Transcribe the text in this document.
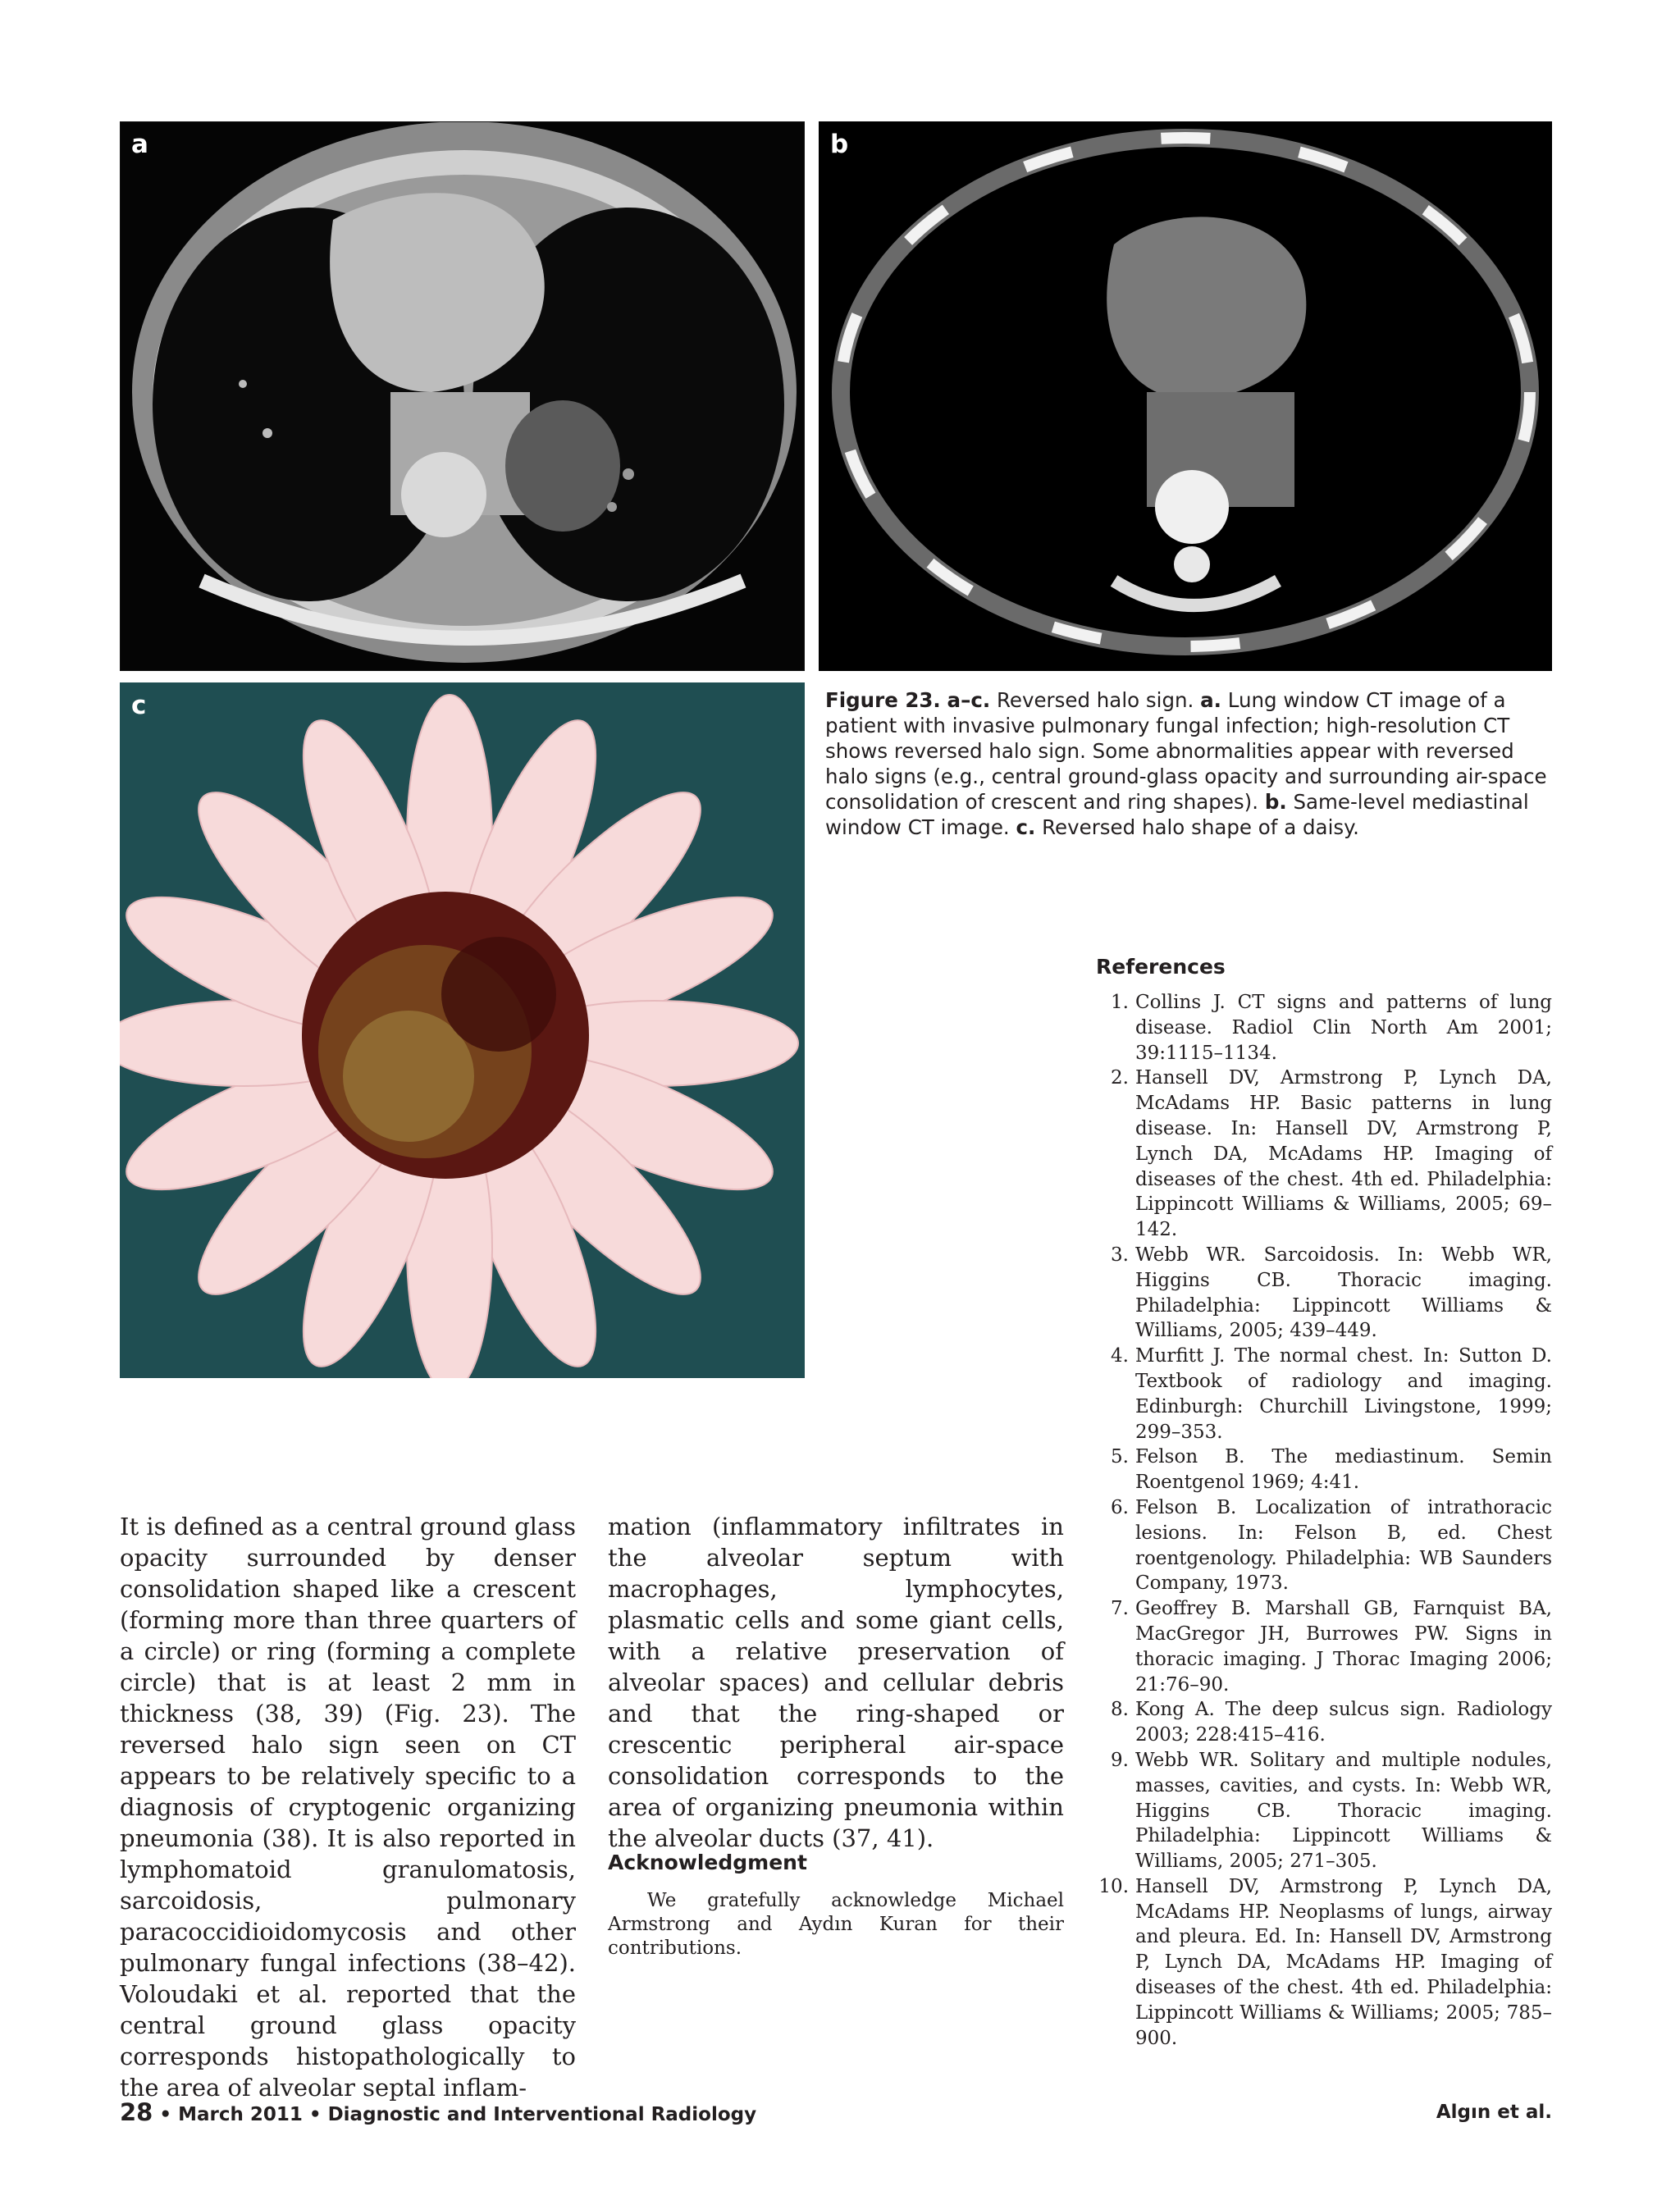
a	b
c	Figure 23. a–c. Reversed halo sign. a. Lung window CT image of a patient with invasive pulmonary fungal infection; high-resolution CT shows reversed halo sign. Some abnormalities appear with reversed halo signs (e.g., central ground-glass opacity and surrounding air-space consolidation of crescent and ring shapes). b. Same-level mediastinal window CT image. c. Reversed halo shape of a daisy.

It is defined as a central ground glass opacity surrounded by denser consolidation shaped like a crescent (forming more than three quarters of a circle) or ring (forming a complete circle) that is at least 2 mm in thickness (38, 39) (Fig. 23). The reversed halo sign seen on CT appears to be relatively specific to a diagnosis of cryptogenic organizing pneumonia (38). It is also reported in lymphomatoid granulomatosis, sarcoidosis, pulmonary paracoccidioidomycosis and other pulmonary fungal infections (38–42). Voloudaki et al. reported that the central ground glass opacity corresponds histopathologically to the area of alveolar septal inflam-

mation (inflammatory infiltrates in the alveolar septum with macrophages, lymphocytes, plasmatic cells and some giant cells, with a relative preservation of alveolar spaces) and cellular debris and that the ring-shaped or crescentic peripheral air-space consolidation corresponds to the area of organizing pneumonia within the alveolar ducts (37, 41).

Acknowledgment

We gratefully acknowledge Michael Armstrong and Aydın Kuran for their contributions.

References
1. Collins J. CT signs and patterns of lung disease. Radiol Clin North Am 2001; 39:1115–1134.
2. Hansell DV, Armstrong P, Lynch DA, McAdams HP. Basic patterns in lung disease. In: Hansell DV, Armstrong P, Lynch DA, McAdams HP. Imaging of diseases of the chest. 4th ed. Philadelphia: Lippincott Williams & Williams, 2005; 69–142.
3. Webb WR. Sarcoidosis. In: Webb WR, Higgins CB. Thoracic imaging. Philadelphia: Lippincott Williams & Williams, 2005; 439–449.
4. Murfitt J. The normal chest. In: Sutton D. Textbook of radiology and imaging. Edinburgh: Churchill Livingstone, 1999; 299–353.
5. Felson B. The mediastinum. Semin Roentgenol 1969; 4:41.
6. Felson B. Localization of intrathoracic lesions. In: Felson B, ed. Chest roentgenology. Philadelphia: WB Saunders Company, 1973.
7. Geoffrey B. Marshall GB, Farnquist BA, MacGregor JH, Burrowes PW. Signs in thoracic imaging. J Thorac Imaging 2006; 21:76–90.
8. Kong A. The deep sulcus sign. Radiology 2003; 228:415–416.
9. Webb WR. Solitary and multiple nodules, masses, cavities, and cysts. In: Webb WR, Higgins CB. Thoracic imaging. Philadelphia: Lippincott Williams & Williams, 2005; 271–305.
10. Hansell DV, Armstrong P, Lynch DA, McAdams HP. Neoplasms of lungs, airway and pleura. Ed. In: Hansell DV, Armstrong P, Lynch DA, McAdams HP. Imaging of diseases of the chest. 4th ed. Philadelphia: Lippincott Williams & Williams; 2005; 785–900.
28 • March 2011 • Diagnostic and Interventional Radiology	Algın et al.
